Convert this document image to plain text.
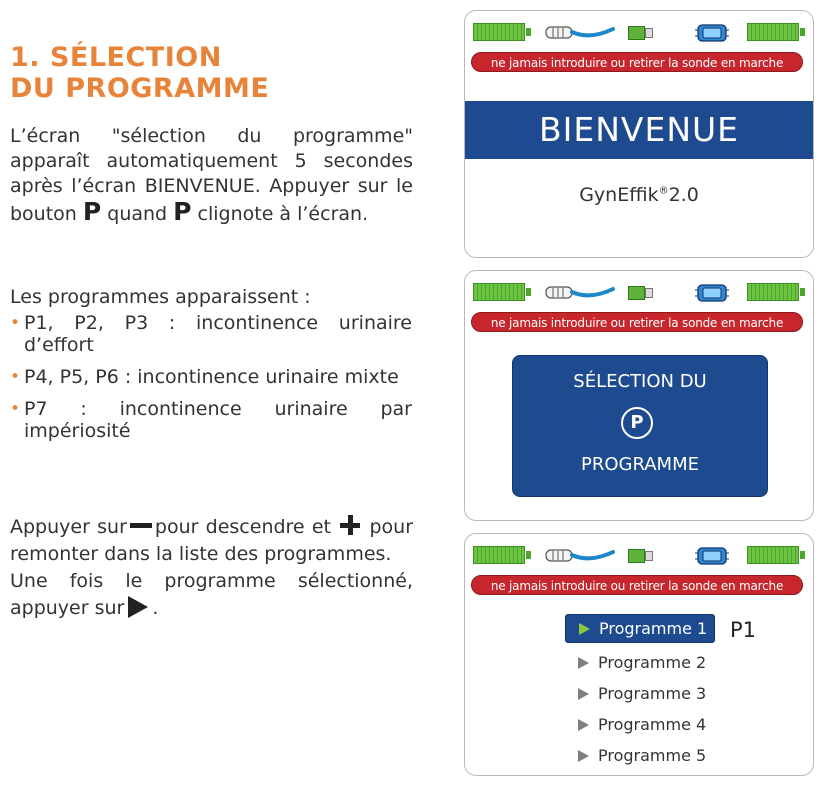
1. SÉLECTION
DU PROGRAMME
L’écran "sélection du programme" apparaît automatiquement 5 secondes après l’écran BIENVENUE. Appuyer sur le bouton P quand P clignote à l’écran.
Les programmes apparaissent :
• P1, P2, P3 : incontinence urinaire d’effort
• P4, P5, P6 : incontinence urinaire mixte
• P7 : incontinence urinaire par impériosité
Appuyer sur pour descendre et pour remonter dans la liste des programmes.
Une fois le programme sélectionné, appuyer sur .
ne jamais introduire ou retirer la sonde en marche
BIENVENUE
GynEffik®2.0
ne jamais introduire ou retirer la sonde en marche
SÉLECTION DU
P
PROGRAMME
ne jamais introduire ou retirer la sonde en marche
Programme 1 P1
Programme 2
Programme 3
Programme 4
Programme 5
